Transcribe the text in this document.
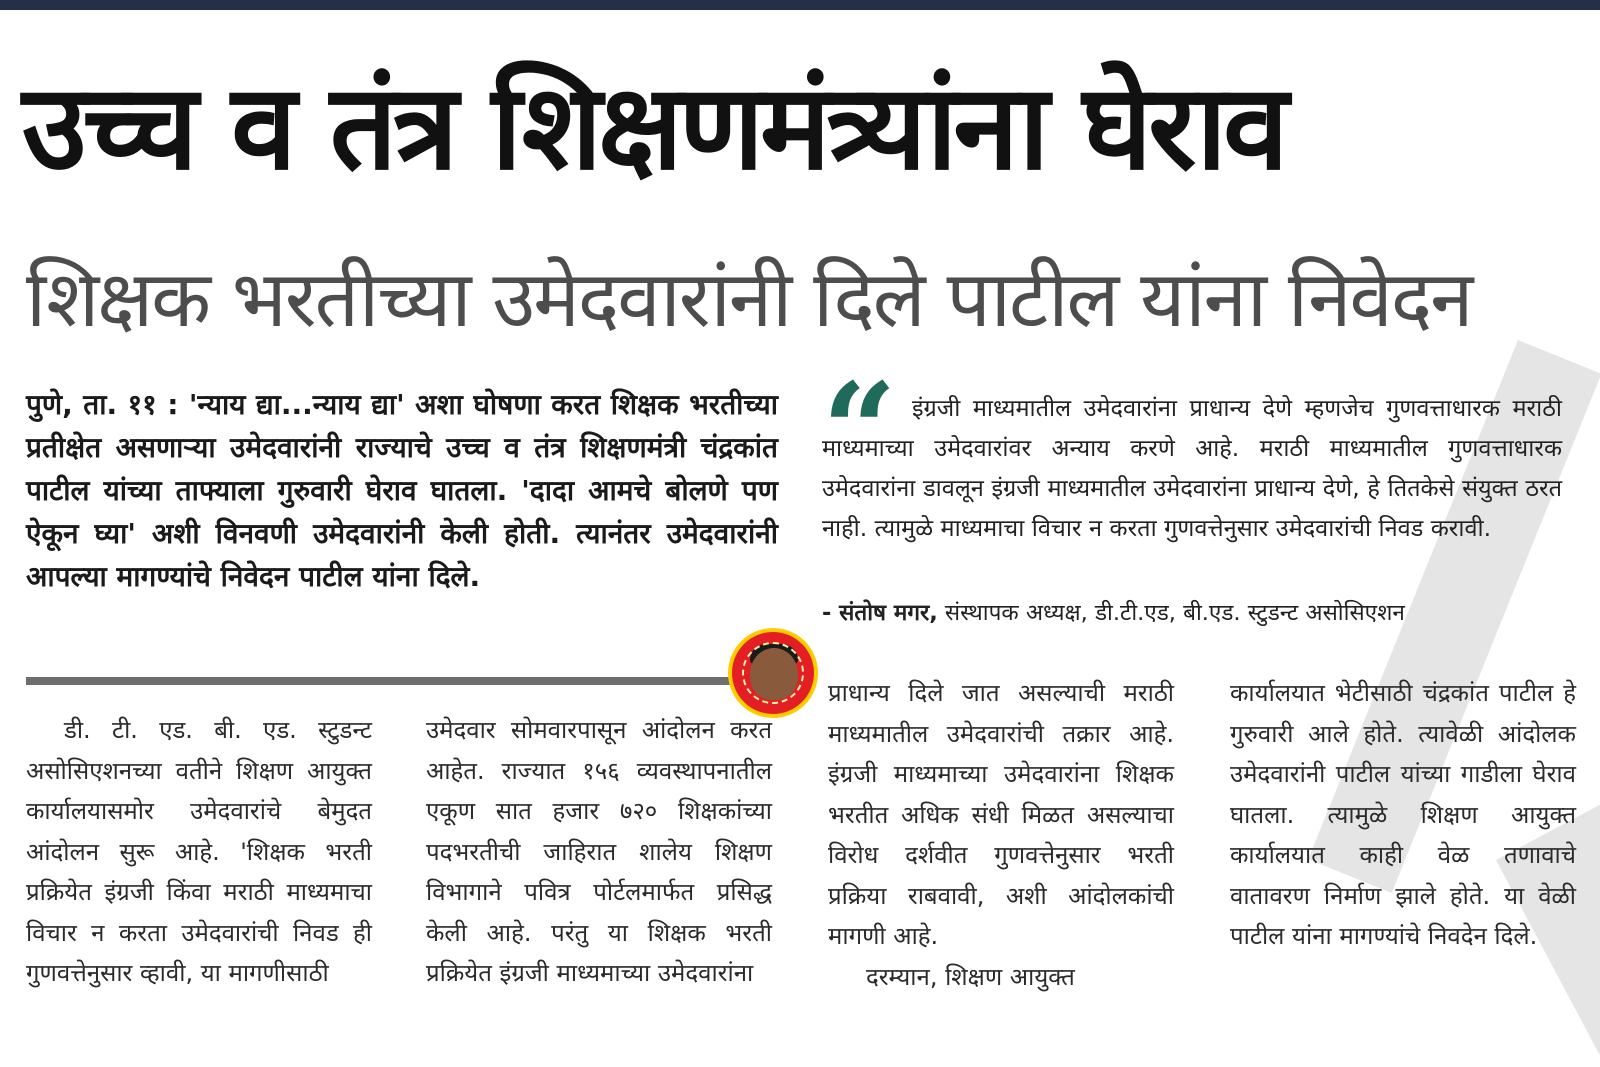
उच्च व तंत्र शिक्षणमंत्र्यांना घेराव
शिक्षक भरतीच्या उमेदवारांनी दिले पाटील यांना निवेदन

पुणे, ता. ११ : 'न्याय द्या...न्याय द्या' अशा घोषणा करत शिक्षक भरतीच्या प्रतीक्षेत असणाऱ्या उमेदवारांनी राज्याचे उच्च व तंत्र शिक्षणमंत्री चंद्रकांत पाटील यांच्या ताफ्याला गुरुवारी घेराव घातला. 'दादा आमचे बोलणे पण ऐकून घ्या' अशी विनवणी उमेदवारांनी केली होती. त्यानंतर उमेदवारांनी आपल्या मागण्यांचे निवेदन पाटील यांना दिले.

“ इंग्रजी माध्यमातील उमेदवारांना प्राधान्य देणे म्हणजेच गुणवत्ताधारक मराठी माध्यमाच्या उमेदवारांवर अन्याय करणे आहे. मराठी माध्यमातील गुणवत्ताधारक उमेदवारांना डावलून इंग्रजी माध्यमातील उमेदवारांना प्राधान्य देणे, हे तितकेसे संयुक्त ठरत नाही. त्यामुळे माध्यमाचा विचार न करता गुणवत्तेनुसार उमेदवारांची निवड करावी.

- संतोष मगर, संस्थापक अध्यक्ष, डी.टी.एड, बी.एड. स्टुडन्ट असोसिएशन

डी. टी. एड. बी. एड. स्टुडन्ट असोसिएशनच्या वतीने शिक्षण आयुक्त कार्यालयासमोर उमेदवारांचे बेमुदत आंदोलन सुरू आहे. 'शिक्षक भरती प्रक्रियेत इंग्रजी किंवा मराठी माध्यमाचा विचार न करता उमेदवारांची निवड ही गुणवत्तेनुसार व्हावी, या मागणीसाठी

उमेदवार सोमवारपासून आंदोलन करत आहेत. राज्यात १५६ व्यवस्थापनातील एकूण सात हजार ७२० शिक्षकांच्या पदभरतीची जाहिरात शालेय शिक्षण विभागाने पवित्र पोर्टलमार्फत प्रसिद्ध केली आहे. परंतु या शिक्षक भरती प्रक्रियेत इंग्रजी माध्यमाच्या उमेदवारांना

प्राधान्य दिले जात असल्याची मराठी माध्यमातील उमेदवारांची तक्रार आहे. इंग्रजी माध्यमाच्या उमेदवारांना शिक्षक भरतीत अधिक संधी मिळत असल्याचा विरोध दर्शवीत गुणवत्तेनुसार भरती प्रक्रिया राबवावी, अशी आंदोलकांची मागणी आहे.
दरम्यान, शिक्षण आयुक्त

कार्यालयात भेटीसाठी चंद्रकांत पाटील हे गुरुवारी आले होते. त्यावेळी आंदोलक उमेदवारांनी पाटील यांच्या गाडीला घेराव घातला. त्यामुळे शिक्षण आयुक्त कार्यालयात काही वेळ तणावाचे वातावरण निर्माण झाले होते. या वेळी पाटील यांना मागण्यांचे निवदेन दिले.
